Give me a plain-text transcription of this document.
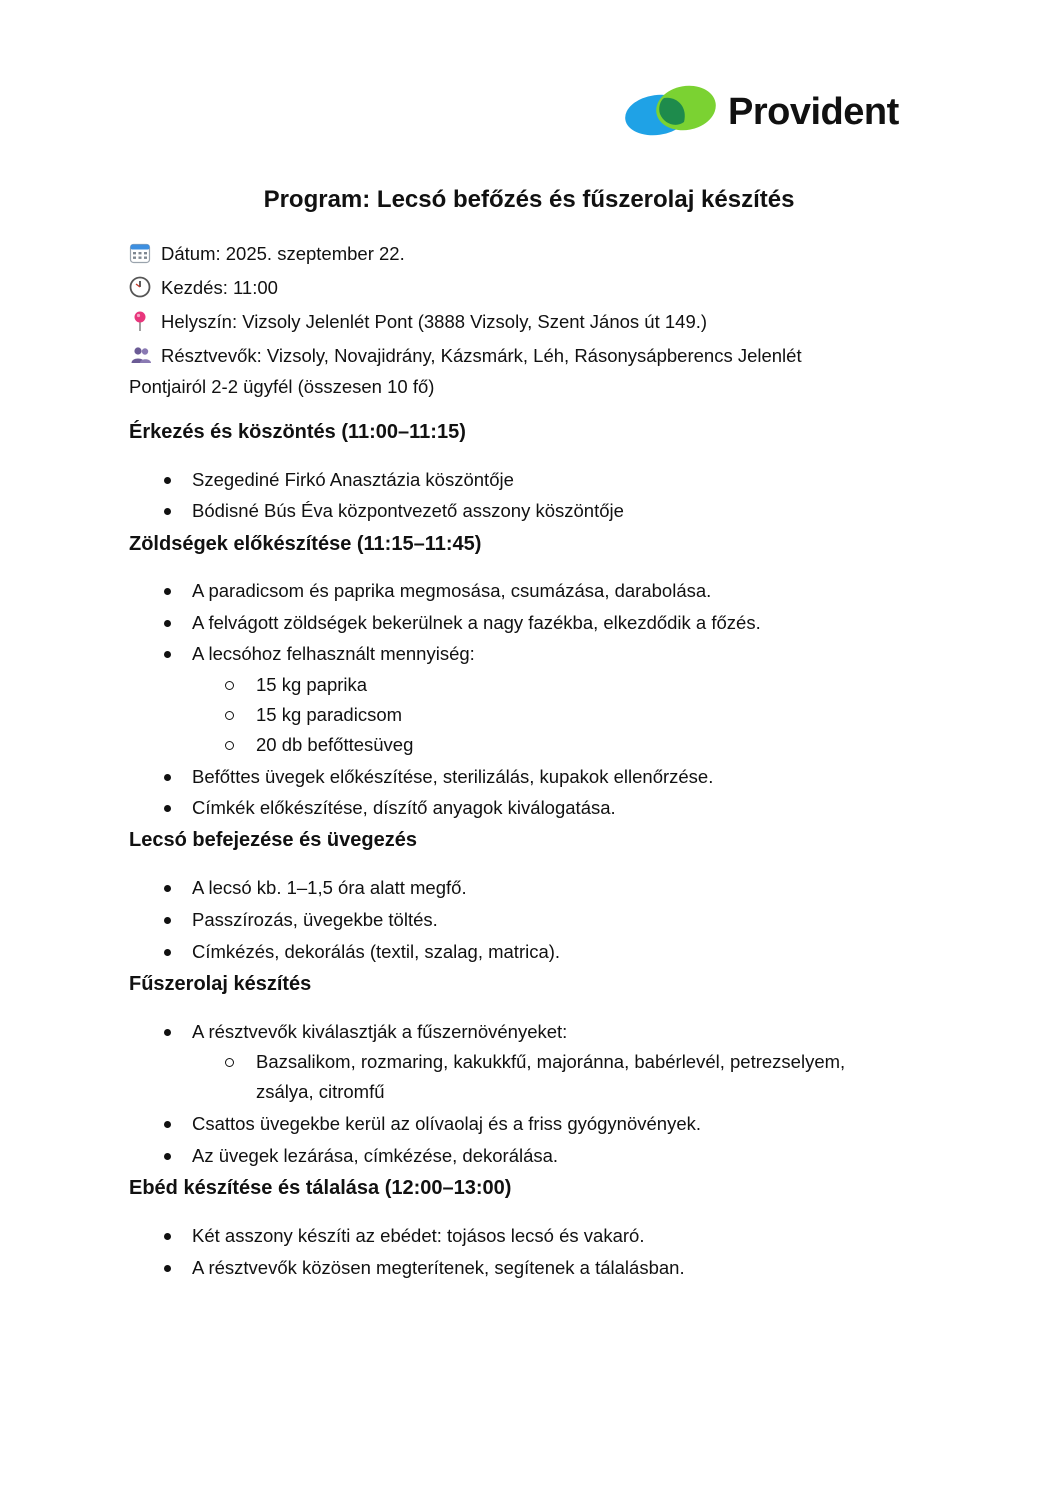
Provident
Program: Lecsó befőzés és fűszerolaj készítés
Dátum: 2025. szeptember 22.
Kezdés: 11:00
Helyszín: Vizsoly Jelenlét Pont (3888 Vizsoly, Szent János út 149.)
Résztvevők: Vizsoly, Novajidrány, Kázsmárk, Léh, Rásonysápberencs Jelenlét
Pontjairól 2-2 ügyfél (összesen 10 fő)
Érkezés és köszöntés (11:00–11:15)
Szegediné Firkó Anasztázia köszöntője
Bódisné Bús Éva központvezető asszony köszöntője
Zöldségek előkészítése (11:15–11:45)
A paradicsom és paprika megmosása, csumázása, darabolása.
A felvágott zöldségek bekerülnek a nagy fazékba, elkezdődik a főzés.
A lecsóhoz felhasznált mennyiség:
15 kg paprika
15 kg paradicsom
20 db befőttesüveg
Befőttes üvegek előkészítése, sterilizálás, kupakok ellenőrzése.
Címkék előkészítése, díszítő anyagok kiválogatása.
Lecsó befejezése és üvegezés
A lecsó kb. 1–1,5 óra alatt megfő.
Passzírozás, üvegekbe töltés.
Címkézés, dekorálás (textil, szalag, matrica).
Fűszerolaj készítés
A résztvevők kiválasztják a fűszernövényeket:
Bazsalikom, rozmaring, kakukkfű, majoránna, babérlevél, petrezselyem,
zsálya, citromfű
Csattos üvegekbe kerül az olívaolaj és a friss gyógynövények.
Az üvegek lezárása, címkézése, dekorálása.
Ebéd készítése és tálalása (12:00–13:00)
Két asszony készíti az ebédet: tojásos lecsó és vakaró.
A résztvevők közösen megterítenek, segítenek a tálalásban.
